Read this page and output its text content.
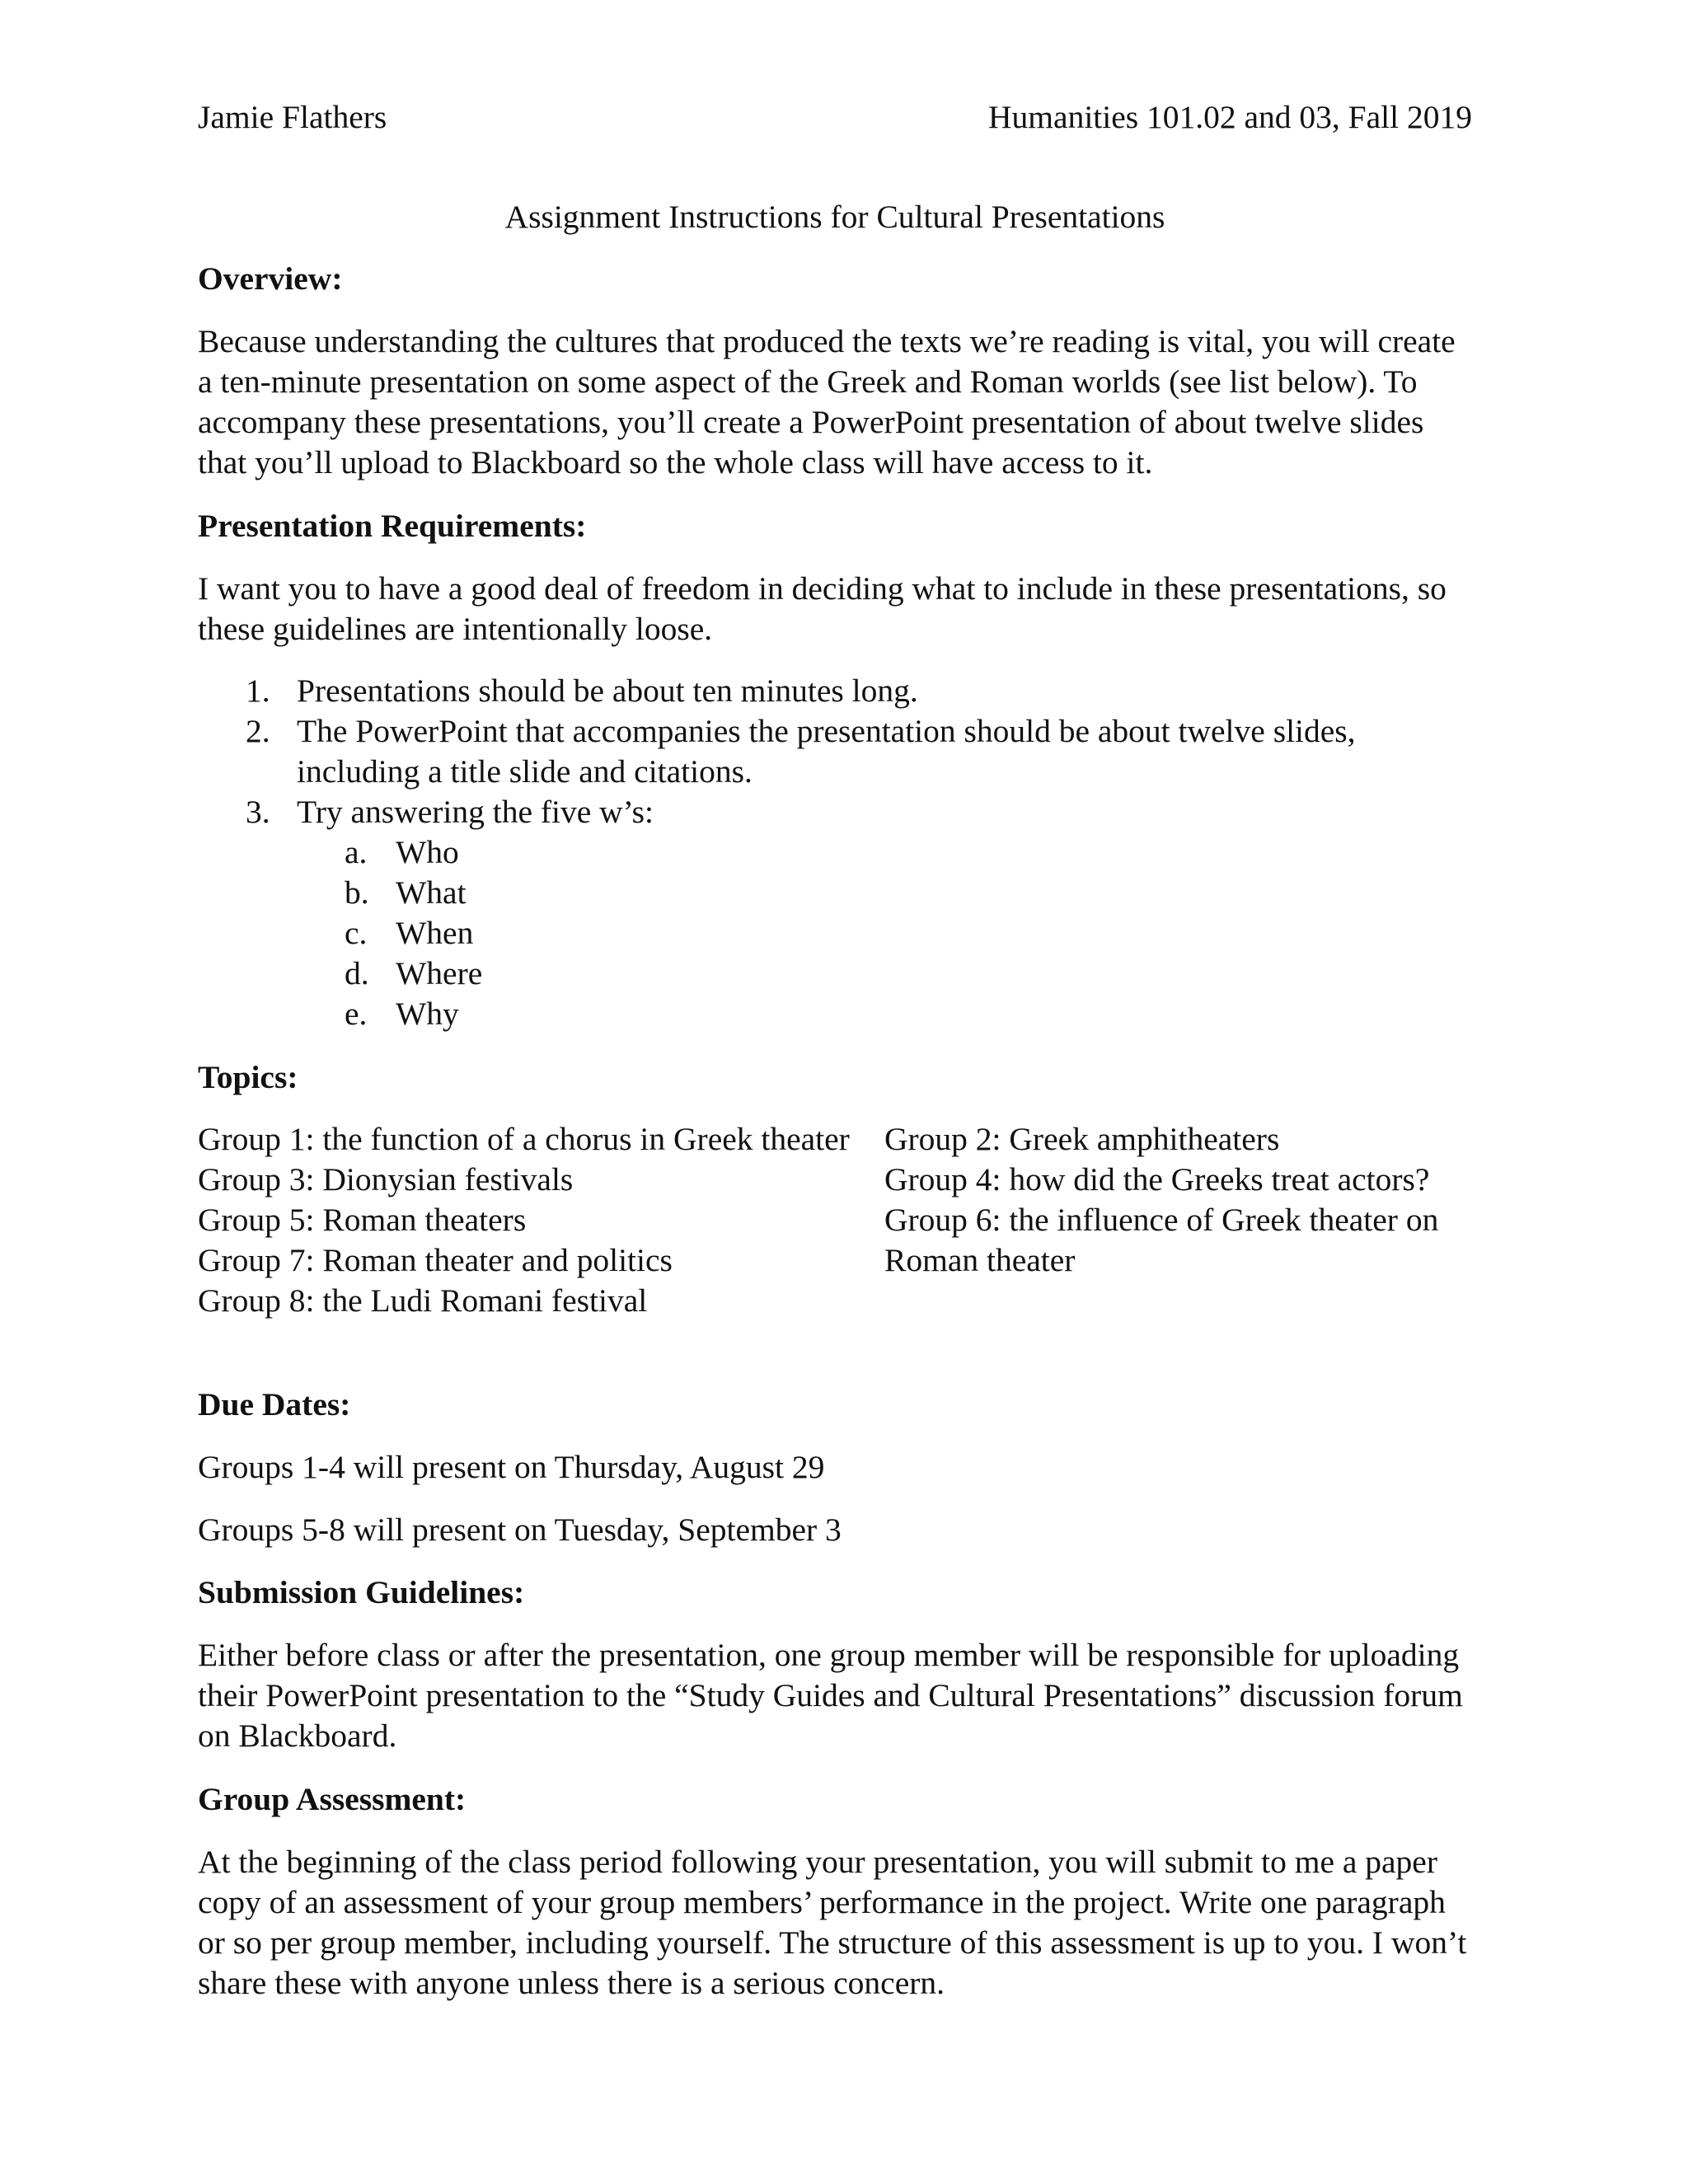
Jamie Flathers	Humanities 101.02 and 03, Fall 2019
Assignment Instructions for Cultural Presentations
Overview:

Because understanding the cultures that produced the texts we’re reading is vital, you will create a ten-minute presentation on some aspect of the Greek and Roman worlds (see list below). To accompany these presentations, you’ll create a PowerPoint presentation of about twelve slides that you’ll upload to Blackboard so the whole class will have access to it.

Presentation Requirements:

I want you to have a good deal of freedom in deciding what to include in these presentations, so these guidelines are intentionally loose.

1. Presentations should be about ten minutes long.
2. The PowerPoint that accompanies the presentation should be about twelve slides, including a title slide and citations.
3. Try answering the five w’s:
a. Who
b. What
c. When
d. Where
e. Why
Topics:
Group 1: the function of a chorus in Greek theater
Group 3: Dionysian festivals
Group 5: Roman theaters
Group 7: Roman theater and politics
Group 8: the Ludi Romani festival
Group 2: Greek amphitheaters
Group 4: how did the Greeks treat actors?
Group 6: the influence of Greek theater on Roman theater
Due Dates:

Groups 1-4 will present on Thursday, August 29

Groups 5-8 will present on Tuesday, September 3

Submission Guidelines:

Either before class or after the presentation, one group member will be responsible for uploading their PowerPoint presentation to the “Study Guides and Cultural Presentations” discussion forum on Blackboard.

Group Assessment:

At the beginning of the class period following your presentation, you will submit to me a paper copy of an assessment of your group members’ performance in the project. Write one paragraph or so per group member, including yourself. The structure of this assessment is up to you. I won’t share these with anyone unless there is a serious concern.
